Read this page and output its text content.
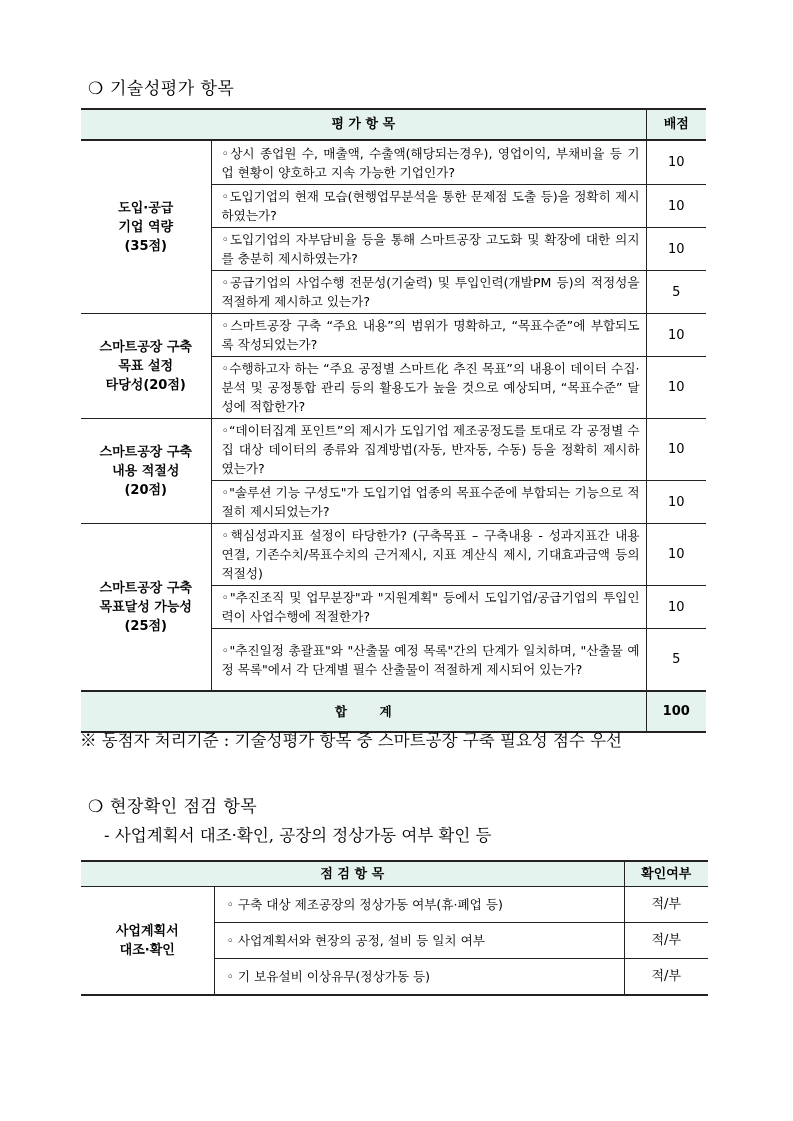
❍ 기술성평가 항목
평 가 항 목		배점

도입·공급
기업 역량
(35점)	◦상시 종업원 수, 매출액, 수출액(해당되는경우), 영업이익, 부채비율 등 기업 현황이 양호하고 지속 가능한 기업인가?	10
	◦도입기업의 현재 모습(현행업무분석을 통한 문제점 도출 등)을 정확히 제시하였는가?	10
	◦도입기업의 자부담비율 등을 통해 스마트공장 고도화 및 확장에 대한 의지를 충분히 제시하였는가?	10
	◦공급기업의 사업수행 전문성(기술력) 및 투입인력(개발PM 등)의 적정성을 적절하게 제시하고 있는가?	5

스마트공장 구축
목표 설정
타당성(20점)	◦스마트공장 구축 “주요 내용”의 범위가 명확하고, “목표수준”에 부합되도록 작성되었는가?	10
	◦수행하고자 하는 “주요 공정별 스마트化 추진 목표”의 내용이 데이터 수집·분석 및 공정통합 관리 등의 활용도가 높을 것으로 예상되며, “목표수준” 달성에 적합한가?	10

스마트공장 구축
내용 적절성
(20점)	◦“데이터집계 포인트”의 제시가 도입기업 제조공정도를 토대로 각 공정별 수집 대상 데이터의 종류와 집계방법(자동, 반자동, 수동) 등을 정확히 제시하였는가?	10
	◦"솔루션 기능 구성도"가 도입기업 업종의 목표수준에 부합되는 기능으로 적절히 제시되었는가?	10

스마트공장 구축
목표달성 가능성
(25점)	◦핵심성과지표 설정이 타당한가? (구축목표 – 구축내용 - 성과지표간 내용 연결, 기존수치/목표수치의 근거제시, 지표 계산식 제시, 기대효과금액 등의 적절성)	10
	◦"추진조직 및 업무분장"과 "지원계획" 등에서 도입기업/공급기업의 투입인력이 사업수행에 적절한가?	10
	◦"추진일정 총괄표"와 "산출물 예정 목록"간의 단계가 일치하며, "산출물 예정 목록"에서 각 단계별 필수 산출물이 적절하게 제시되어 있는가?	5
합 계		100
※ 동점자 처리기준 : 기술성평가 항목 중 스마트공장 구축 필요성 점수 우선
❍ 현장확인 점검 항목
- 사업계획서 대조·확인, 공장의 정상가동 여부 확인 등
점 검 항 목		확인여부

사업계획서
대조·확인	◦ 구축 대상 제조공장의 정상가동 여부(휴·폐업 등)	적/부
	◦ 사업계획서와 현장의 공정, 설비 등 일치 여부	적/부
	◦ 기 보유설비 이상유무(정상가동 등)	적/부
